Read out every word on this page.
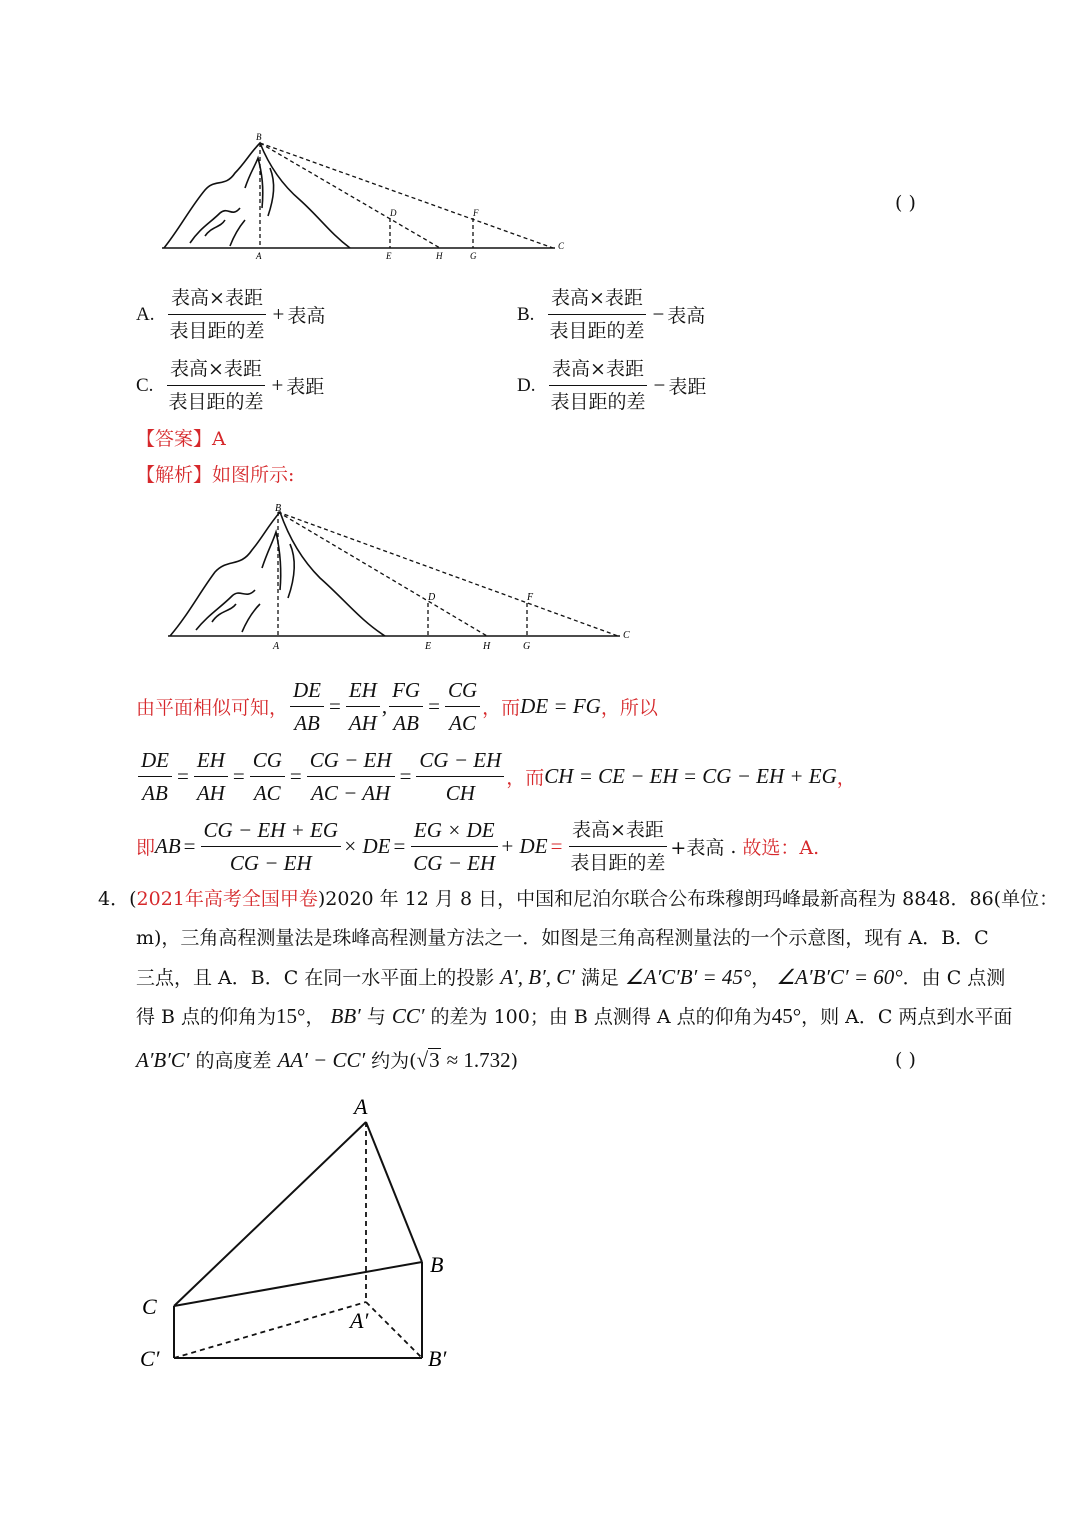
B
A	E	H	G
C
D	F	( )
A. $\frac{\text{表高×表距}}{\text{表目距的差}}$ + 表高	B. $\frac{\text{表高×表距}}{\text{表目距的差}}$ − 表高
C. $\frac{\text{表高×表距}}{\text{表目距的差}}$ + 表距	D. $\frac{\text{表高×表距}}{\text{表目距的差}}$ − 表距
【答案】A
【解析】如图所示:
B
A	E	H	G
C
D	F
由平面相似可知， $\frac{DE}{AB} = \frac{EH}{AH}$ , $\frac{FG}{AB} = \frac{CG}{AC}$ ，而 DE = FG ，所以
$\frac{DE}{AB} = \frac{EH}{AH} = \frac{CG}{AC} = \frac{CG - EH}{AC - AH} = \frac{CG - EH}{CH}$ ，而 CH = CE − EH = CG − EH + EG ，
即 AB = $\frac{CG - EH + EG}{CG - EH}$ × DE = $\frac{EG \times DE}{CG - EH}$ + DE = $\frac{\text{表高×表距}}{\text{表目距的差}}$ +表高 . 故选：A.
4．(2021年高考全国甲卷)2020 年 12 月 8 日，中国和尼泊尔联合公布珠穆朗玛峰最新高程为 8848．86(单位：
m)，三角高程测量法是珠峰高程测量方法之一．如图是三角高程测量法的一个示意图，现有 A．B．C
三点，且 A．B．C 在同一水平面上的投影 A′, B′, C′ 满足 ∠A′C′B′ = 45°， ∠A′B′C′ = 60°．由 C 点测
得 B 点的仰角为15°， BB′ 与 CC′ 的差为 100；由 B 点测得 A 点的仰角为45°，则 A．C 两点到水平面
A′B′C′ 的高度差 AA′ − CC′ 约为(√3 ≈ 1.732)	( )
A
B
C
A′
C′	B′
